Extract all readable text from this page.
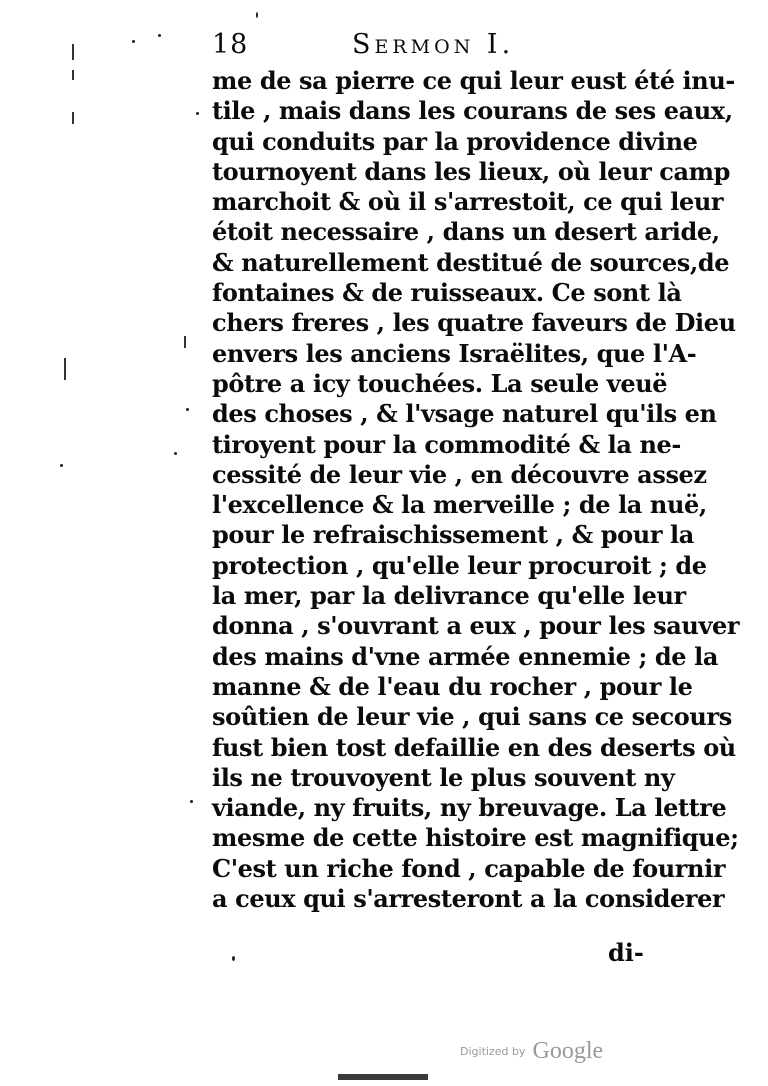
18	Sermon I.
me de sa pierre ce qui leur eust été inu-
tile , mais dans les courans de ses eaux,
qui conduits par la providence divine
tournoyent dans les lieux, où leur camp
marchoit & où il s'arrestoit, ce qui leur
étoit necessaire , dans un desert aride,
& naturellement destitué de sources,de
fontaines & de ruisseaux. Ce sont là
chers freres , les quatre faveurs de Dieu
envers les anciens Israëlites, que l'A-
pôtre a icy touchées. La seule veuë
des choses , & l'vsage naturel qu'ils en
tiroyent pour la commodité & la ne-
cessité de leur vie , en découvre assez
l'excellence & la merveille ; de la nuë,
pour le refraischissement , & pour la
protection , qu'elle leur procuroit ; de
la mer, par la delivrance qu'elle leur
donna , s'ouvrant a eux , pour les sauver
des mains d'vne armée ennemie ; de la
manne & de l'eau du rocher , pour le
soûtien de leur vie , qui sans ce secours
fust bien tost defaillie en des deserts où
ils ne trouvoyent le plus souvent ny
viande, ny fruits, ny breuvage. La lettre
mesme de cette histoire est magnifique;
C'est un riche fond , capable de fournir
a ceux qui s'arresteront a la considerer
di-
Digitized by Google
